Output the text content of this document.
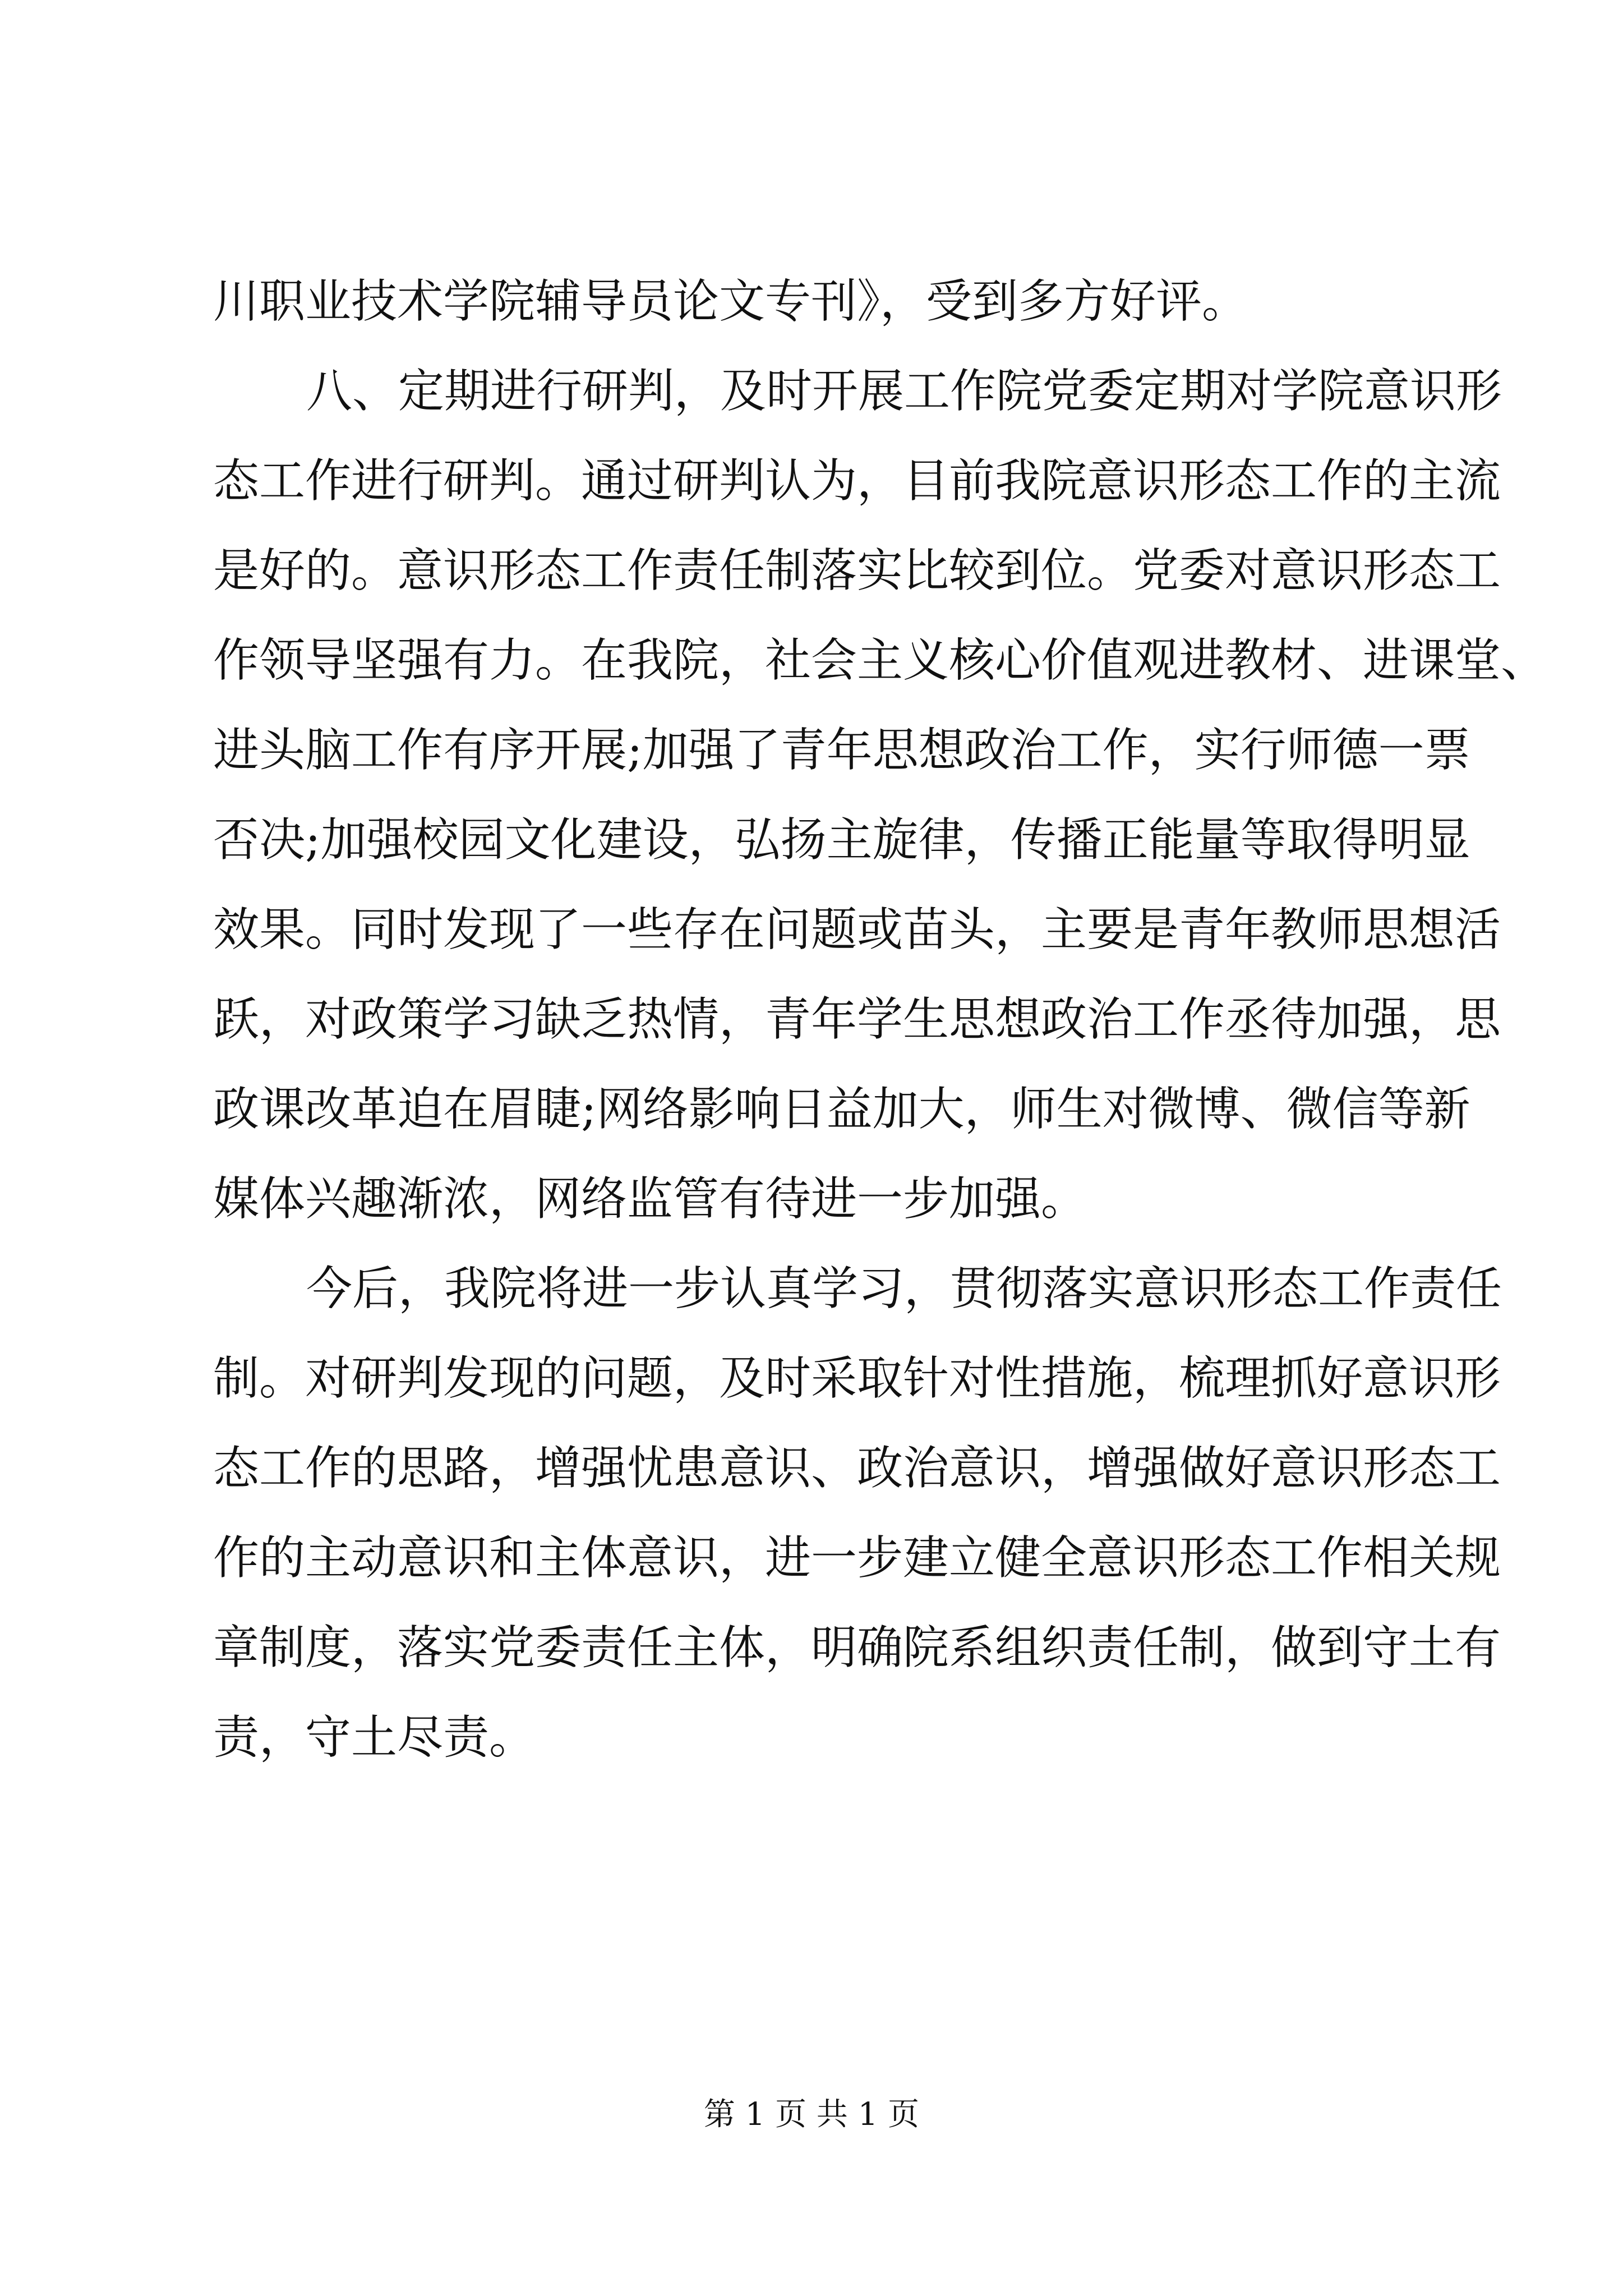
川职业技术学院辅导员论文专刊》，受到多方好评。
八、定期进行研判，及时开展工作院党委定期对学院意识形
态工作进行研判。通过研判认为，目前我院意识形态工作的主流
是好的。意识形态工作责任制落实比较到位。党委对意识形态工
作领导坚强有力。在我院，社会主义核心价值观进教材、进课堂、
进头脑工作有序开展;加强了青年思想政治工作，实行师德一票
否决;加强校园文化建设，弘扬主旋律，传播正能量等取得明显
效果。同时发现了一些存在问题或苗头，主要是青年教师思想活
跃，对政策学习缺乏热情，青年学生思想政治工作丞待加强，思
政课改革迫在眉睫;网络影响日益加大，师生对微博、微信等新
媒体兴趣渐浓，网络监管有待进一步加强。
今后，我院将进一步认真学习，贯彻落实意识形态工作责任
制。对研判发现的问题，及时采取针对性措施，梳理抓好意识形
态工作的思路，增强忧患意识、政治意识，增强做好意识形态工
作的主动意识和主体意识，进一步建立健全意识形态工作相关规
章制度，落实党委责任主体，明确院系组织责任制，做到守土有
责，守土尽责。
第 1 页 共 1 页
